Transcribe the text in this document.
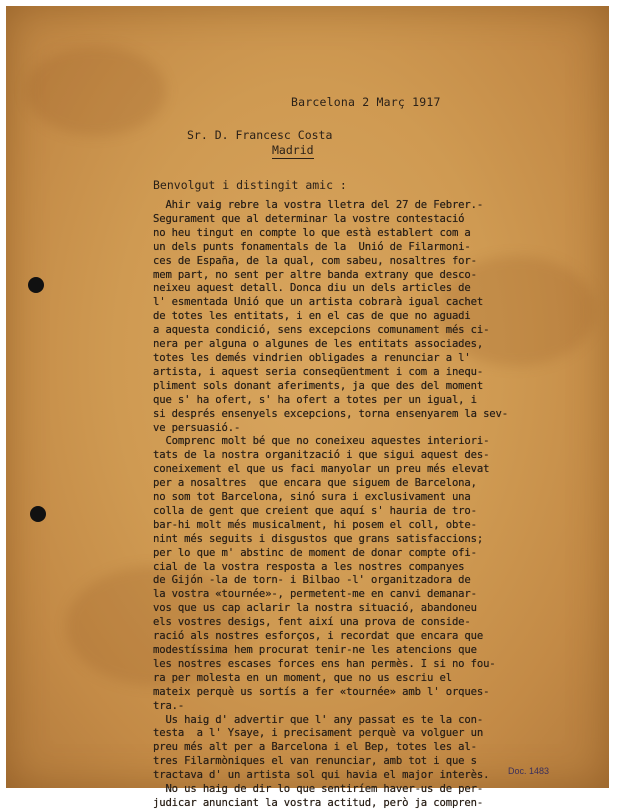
Barcelona 2 Març 1917
Sr. D. Francesc Costa
Madrid
Benvolgut i distingit amic :
Ahir vaig rebre la vostra lletra del 27 de Febrer.-
Segurament que al determinar la vostre contestació
no heu tingut en compte lo que està establert com a
un dels punts fonamentals de la  Unió de Filarmoni-
ces de España, de la qual, com sabeu, nosaltres for-
mem part, no sent per altre banda extrany que desco-
neixeu aquest detall. Donca diu un dels articles de
l' esmentada Unió que un artista cobrarà igual cachet
de totes les entitats, i en el cas de que no aguadi
a aquesta condició, sens excepcions comunament més ci-
nera per alguna o algunes de les entitats associades,
totes les demés vindrien obligades a renunciar a l'
artista, i aquest seria conseqüentment i com a inequ-
pliment sols donant aferiments, ja que des del moment
que s' ha ofert, s' ha ofert a totes per un igual, i
si després ensenyels excepcions, torna ensenyarem la sev-
ve persuasió.-
Comprenc molt bé que no coneixeu aquestes interiori-
tats de la nostra organització i que sigui aquest des-
coneixement el que us faci manyolar un preu més elevat
per a nosaltres  que encara que siguem de Barcelona,
no som tot Barcelona, sinó sura i exclusivament una
colla de gent que creient que aquí s' hauria de tro-
bar-hi molt més musicalment, hi posem el coll, obte-
nint més seguits i disgustos que grans satisfaccions;
per lo que m' abstinc de moment de donar compte ofi-
cial de la vostra resposta a les nostres companyes
de Gijón -la de torn- i Bilbao -l' organitzadora de
la vostra «tournée»-, permetent-me en canvi demanar-
vos que us cap aclarir la nostra situació, abandoneu
els vostres desigs, fent així una prova de conside-
ració als nostres esforços, i recordat que encara que
modestíssima hem procurat tenir-ne les atencions que
les nostres escases forces ens han permès. I si no fou-
ra per molesta en un moment, que no us escriu el
mateix perquè us sortís a fer «tournée» amb l' orques-
tra.-
Us haig d' advertir que l' any passat es te la con-
testa  a l' Ysaye, i precisament perquè va volguer un
preu més alt per a Barcelona i el Bep, totes les al-
tres Filarmòniques el van renunciar, amb tot i que s
tractava d' un artista sol qui havia el major interès.
No us haig de dir lo que sentiríem haver-us de per-
judicar anunciant la vostra actitud, però ja compren-
Doc. 1483
